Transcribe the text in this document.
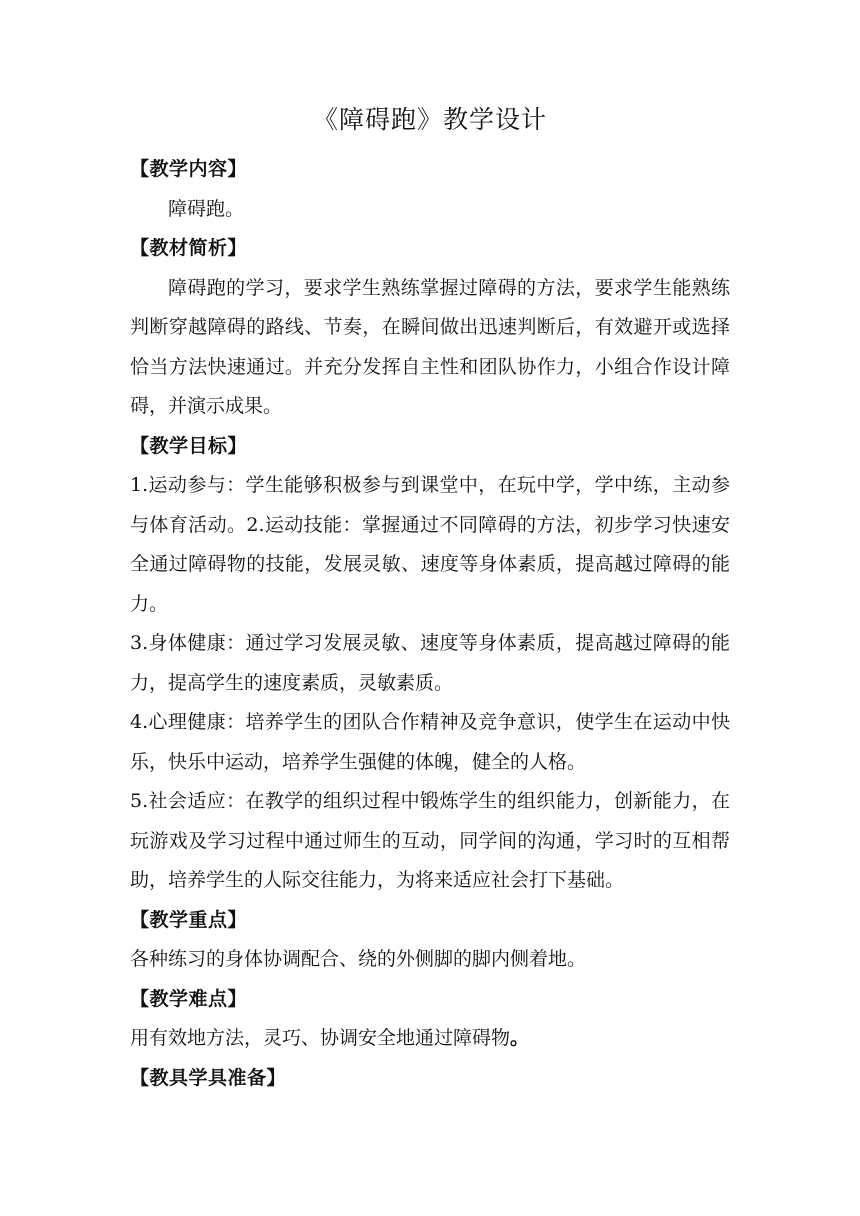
《障碍跑》教学设计
【教学内容】

障碍跑。

【教材简析】

障碍跑的学习，要求学生熟练掌握过障碍的方法，要求学生能熟练判断穿越障碍的路线、节奏，在瞬间做出迅速判断后，有效避开或选择恰当方法快速通过。并充分发挥自主性和团队协作力，小组合作设计障碍，并演示成果。

【教学目标】

1.运动参与：学生能够积极参与到课堂中，在玩中学，学中练，主动参与体育活动。2.运动技能：掌握通过不同障碍的方法，初步学习快速安全通过障碍物的技能，发展灵敏、速度等身体素质，提高越过障碍的能力。

3.身体健康：通过学习发展灵敏、速度等身体素质，提高越过障碍的能力，提高学生的速度素质，灵敏素质。

4.心理健康：培养学生的团队合作精神及竞争意识，使学生在运动中快乐，快乐中运动，培养学生强健的体魄，健全的人格。

5.社会适应：在教学的组织过程中锻炼学生的组织能力，创新能力，在玩游戏及学习过程中通过师生的互动，同学间的沟通，学习时的互相帮助，培养学生的人际交往能力，为将来适应社会打下基础。

【教学重点】

各种练习的身体协调配合、绕的外侧脚的脚内侧着地。

【教学难点】

用有效地方法，灵巧、协调安全地通过障碍物。

【教具学具准备】
